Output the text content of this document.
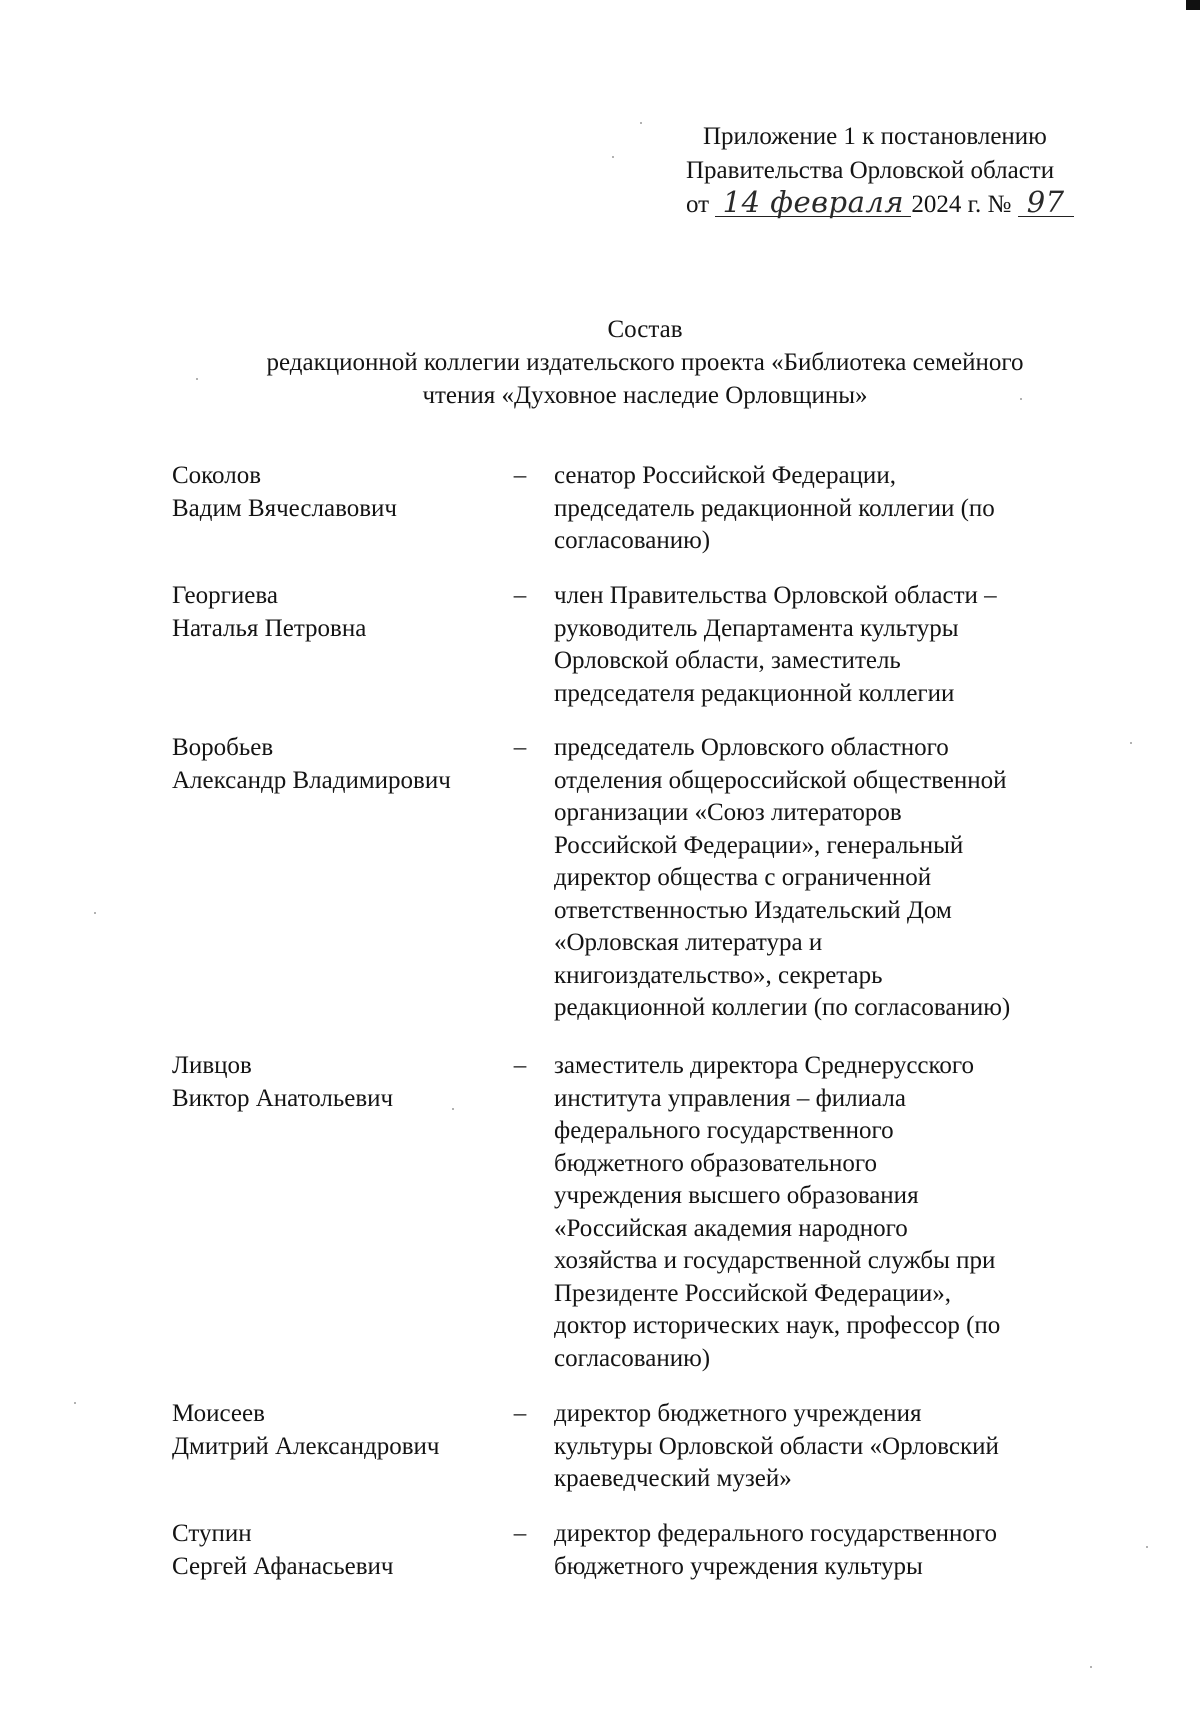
Приложение 1 к постановлению
Правительства Орловской области
от 14 февраля 2024 г. № 97
Состав
редакционной коллегии издательского проекта «Библиотека семейного
чтения «Духовное наследие Орловщины»
Соколов
Вадим Вячеславович
– сенатор Российской Федерации,
председатель редакционной коллегии (по
согласованию)
Георгиева
Наталья Петровна
– член Правительства Орловской области –
руководитель Департамента культуры
Орловской области, заместитель
председателя редакционной коллегии
Воробьев
Александр Владимирович
– председатель Орловского областного
отделения общероссийской общественной
организации «Союз литераторов
Российской Федерации», генеральный
директор общества с ограниченной
ответственностью Издательский Дом
«Орловская литература и
книгоиздательство», секретарь
редакционной коллегии (по согласованию)
Ливцов
Виктор Анатольевич
– заместитель директора Среднерусского
института управления – филиала
федерального государственного
бюджетного образовательного
учреждения высшего образования
«Российская академия народного
хозяйства и государственной службы при
Президенте Российской Федерации»,
доктор исторических наук, профессор (по
согласованию)
Моисеев
Дмитрий Александрович
– директор бюджетного учреждения
культуры Орловской области «Орловский
краеведческий музей»
Ступин
Сергей Афанасьевич
– директор федерального государственного
бюджетного учреждения культуры
